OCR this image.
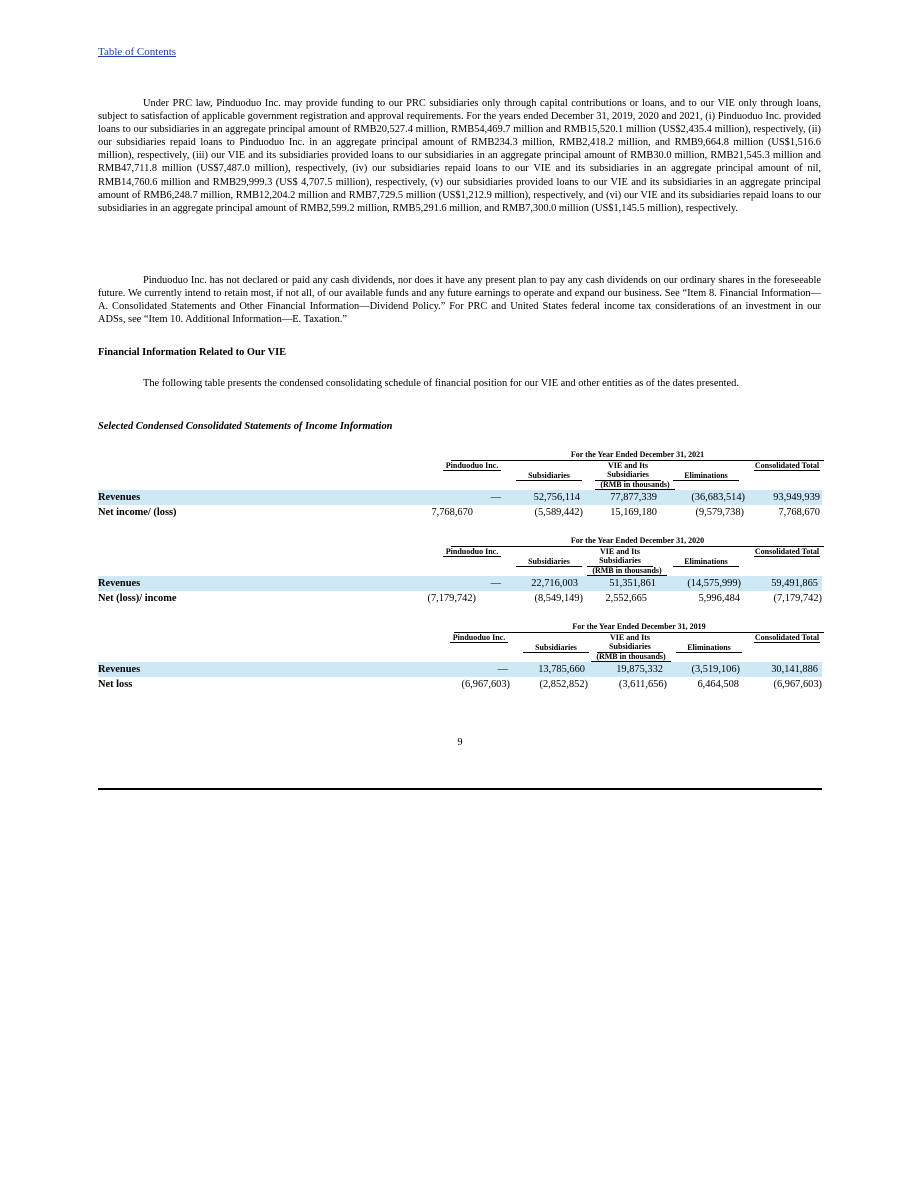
Table of Contents

Under PRC law, Pinduoduo Inc. may provide funding to our PRC subsidiaries only through capital contributions or loans, and to our VIE only through loans, subject to satisfaction of applicable government registration and approval requirements. For the years ended December 31, 2019, 2020 and 2021, (i) Pinduoduo Inc. provided loans to our subsidiaries in an aggregate principal amount of RMB20,527.4 million, RMB54,469.7 million and RMB15,520.1 million (US$2,435.4 million), respectively, (ii) our subsidiaries repaid loans to Pinduoduo Inc. in an aggregate principal amount of RMB234.3 million, RMB2,418.2 million, and RMB9,664.8 million (US$1,516.6 million), respectively, (iii) our VIE and its subsidiaries provided loans to our subsidiaries in an aggregate principal amount of RMB30.0 million, RMB21,545.3 million and RMB47,711.8 million (US$7,487.0 million), respectively, (iv) our subsidiaries repaid loans to our VIE and its subsidiaries in an aggregate principal amount of nil, RMB14,760.6 million and RMB29,999.3 (US$ 4,707.5 million), respectively, (v) our subsidiaries provided loans to our VIE and its subsidiaries in an aggregate principal amount of RMB6,248.7 million, RMB12,204.2 million and RMB7,729.5 million (US$1,212.9 million), respectively, and (vi) our VIE and its subsidiaries repaid loans to our subsidiaries in an aggregate principal amount of RMB2,599.2 million, RMB5,291.6 million, and RMB7,300.0 million (US$1,145.5 million), respectively.

Pinduoduo Inc. has not declared or paid any cash dividends, nor does it have any present plan to pay any cash dividends on our ordinary shares in the foreseeable future. We currently intend to retain most, if not all, of our available funds and any future earnings to operate and expand our business. See “Item 8. Financial Information—A. Consolidated Statements and Other Financial Information—Dividend Policy.” For PRC and United States federal income tax considerations of an investment in our ADSs, see “Item 10. Additional Information—E. Taxation.”

Financial Information Related to Our VIE

The following table presents the condensed consolidating schedule of financial position for our VIE and other entities as of the dates presented.

Selected Condensed Consolidated Statements of Income Information

For the Year Ended December 31, 2021
Pinduoduo Inc.
Subsidiaries
VIE and Its Subsidiaries	Eliminations
Consolidated Total
(RMB in thousands)
Revenues	—	52,756,114	77,877,339	(36,683,514)	93,949,939
Net income/ (loss)	7,768,670	(5,589,442)	15,169,180	(9,579,738)	7,768,670
For the Year Ended December 31, 2020
Pinduoduo Inc.
Subsidiaries
VIE and Its Subsidiaries	Eliminations
Consolidated Total
(RMB in thousands)
Revenues	—	22,716,003	51,351,861	(14,575,999)	59,491,865
Net (loss)/ income	(7,179,742)	(8,549,149)	2,552,665	5,996,484	(7,179,742)
For the Year Ended December 31, 2019
Pinduoduo Inc.
Subsidiaries
VIE and Its Subsidiaries	Eliminations
Consolidated Total
(RMB in thousands)
Revenues	—	13,785,660	19,875,332	(3,519,106)	30,141,886
Net loss	(6,967,603)	(2,852,852)	(3,611,656)	6,464,508	(6,967,603)
9
